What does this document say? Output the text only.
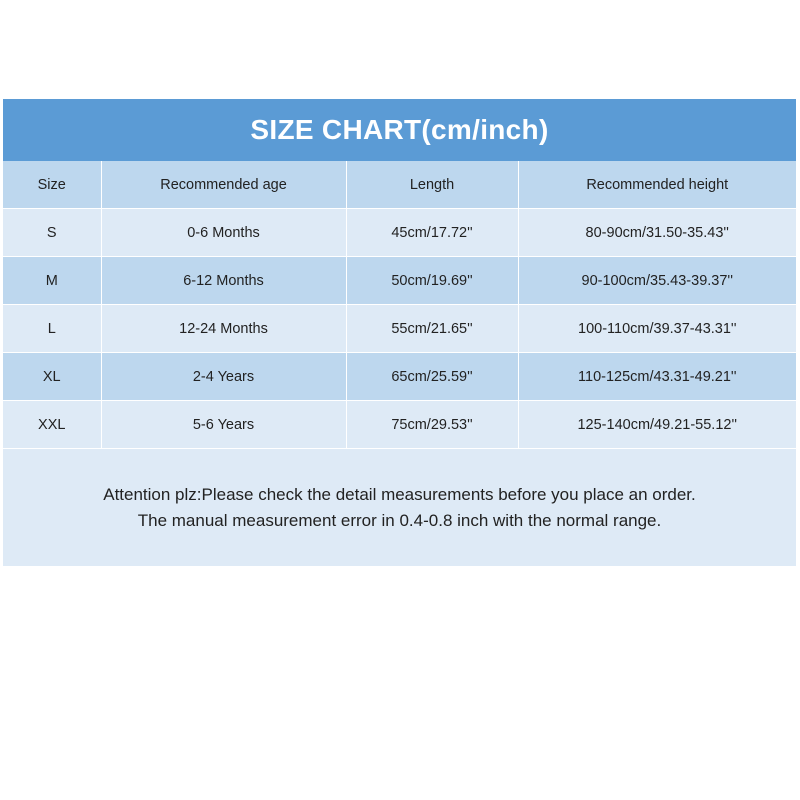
SIZE CHART(cm/inch)
Size	Recommended age	Length	Recommended height
S	0-6 Months	45cm/17.72''	80-90cm/31.50-35.43''
M	6-12 Months	50cm/19.69''	90-100cm/35.43-39.37''
L	12-24 Months	55cm/21.65''	100-110cm/39.37-43.31''
XL	2-4 Years	65cm/25.59''	110-125cm/43.31-49.21''
XXL	5-6 Years	75cm/29.53''	125-140cm/49.21-55.12''
Attention plz:Please check the detail measurements before you place an order.
The manual measurement error in 0.4-0.8 inch with the normal range.
